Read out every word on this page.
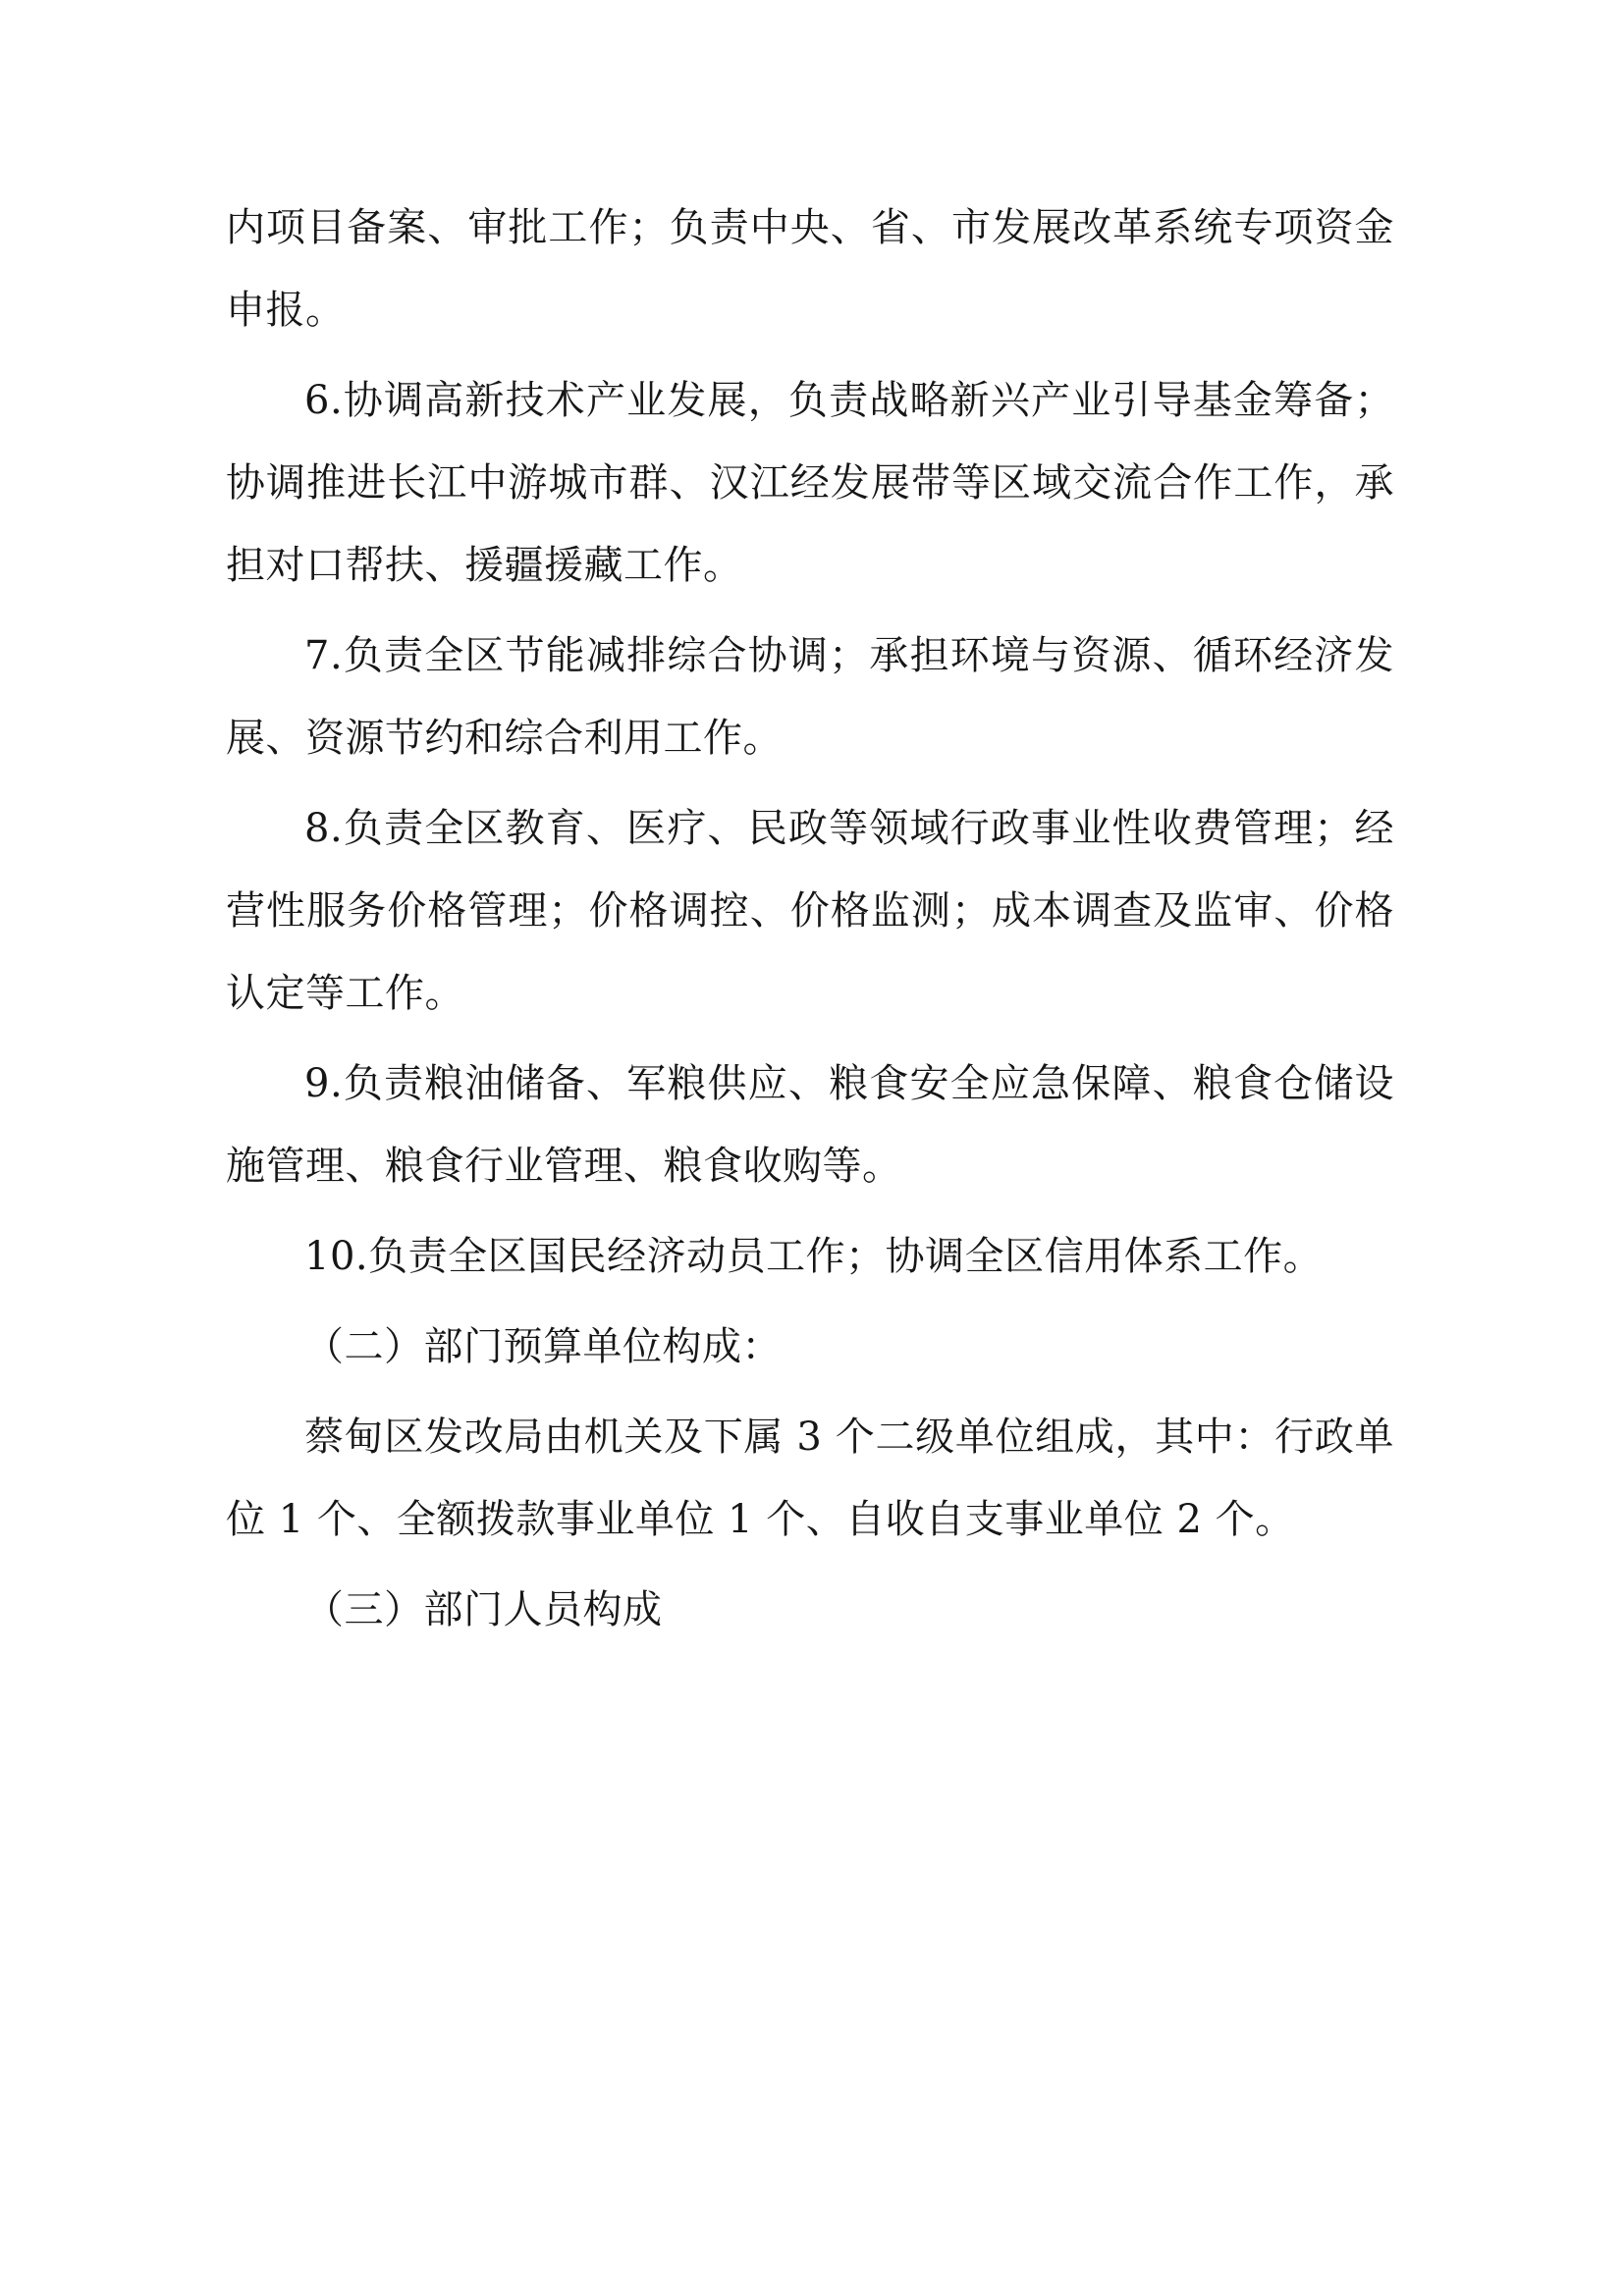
内项目备案、审批工作；负责中央、省、市发展改革系统专项资金申报。

6.协调高新技术产业发展，负责战略新兴产业引导基金筹备；协调推进长江中游城市群、汉江经发展带等区域交流合作工作，承担对口帮扶、援疆援藏工作。

7.负责全区节能减排综合协调；承担环境与资源、循环经济发展、资源节约和综合利用工作。

8.负责全区教育、医疗、民政等领域行政事业性收费管理；经营性服务价格管理；价格调控、价格监测；成本调查及监审、价格认定等工作。

9.负责粮油储备、军粮供应、粮食安全应急保障、粮食仓储设施管理、粮食行业管理、粮食收购等。

10.负责全区国民经济动员工作；协调全区信用体系工作。

（二）部门预算单位构成：

蔡甸区发改局由机关及下属 3 个二级单位组成，其中：行政单位 1 个、全额拨款事业单位 1 个、自收自支事业单位 2 个。

（三）部门人员构成
